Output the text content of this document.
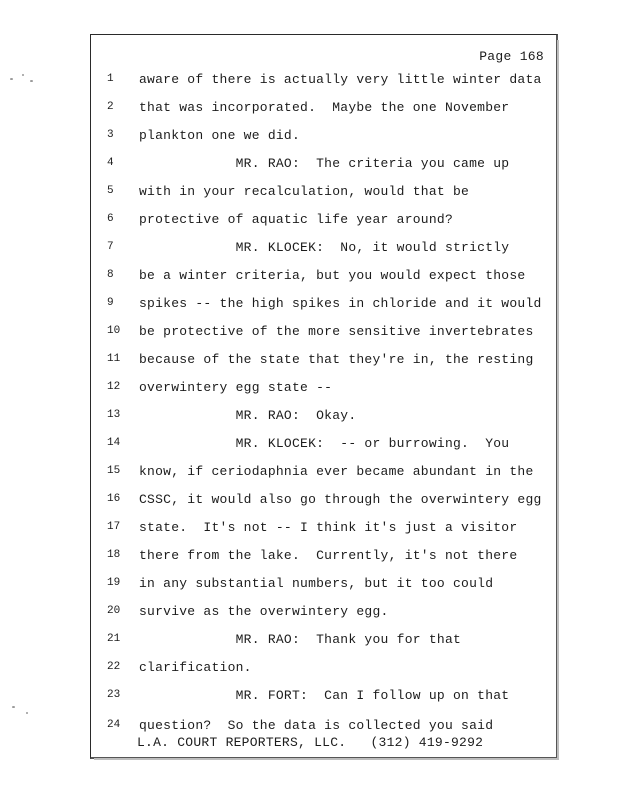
Page 168
1	aware of there is actually very little winter data
2	that was incorporated.  Maybe the one November
3	plankton one we did.
4	MR. RAO:  The criteria you came up
5	with in your recalculation, would that be
6	protective of aquatic life year around?
7	MR. KLOCEK:  No, it would strictly
8	be a winter criteria, but you would expect those
9	spikes -- the high spikes in chloride and it would
10	be protective of the more sensitive invertebrates
11	because of the state that they're in, the resting
12	overwintery egg state --
13	MR. RAO:  Okay.
14	MR. KLOCEK:  -- or burrowing.  You
15	know, if ceriodaphnia ever became abundant in the
16	CSSC, it would also go through the overwintery egg
17	state.  It's not -- I think it's just a visitor
18	there from the lake.  Currently, it's not there
19	in any substantial numbers, but it too could
20	survive as the overwintery egg.
21	MR. RAO:  Thank you for that
22	clarification.
23	MR. FORT:  Can I follow up on that
24	question?  So the data is collected you said
L.A. COURT REPORTERS, LLC.   (312) 419-9292
